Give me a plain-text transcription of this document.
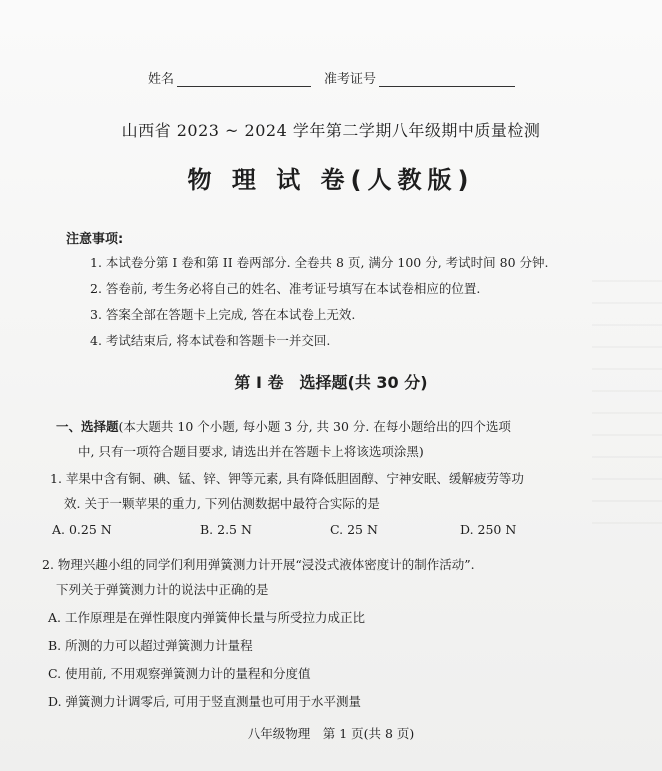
姓名	准考证号
山西省 2023 ~ 2024 学年第二学期八年级期中质量检测
物 理 试 卷(人教版)
注意事项:
1. 本试卷分第 I 卷和第 II 卷两部分. 全卷共 8 页, 满分 100 分, 考试时间 80 分钟.
2. 答卷前, 考生务必将自己的姓名、准考证号填写在本试卷相应的位置.
3. 答案全部在答题卡上完成, 答在本试卷上无效.
4. 考试结束后, 将本试卷和答题卡一并交回.
第 I 卷　选择题(共 30 分)
一、选择题(本大题共 10 个小题, 每小题 3 分, 共 30 分. 在每小题给出的四个选项
中, 只有一项符合题目要求, 请选出并在答题卡上将该选项涂黑)
1. 苹果中含有铜、碘、锰、锌、钾等元素, 具有降低胆固醇、宁神安眠、缓解疲劳等功
效. 关于一颗苹果的重力, 下列估测数据中最符合实际的是
A. 0.25 N	B. 2.5 N	C. 25 N	D. 250 N
2. 物理兴趣小组的同学们利用弹簧测力计开展“浸没式液体密度计的制作活动”.
下列关于弹簧测力计的说法中正确的是
A. 工作原理是在弹性限度内弹簧伸长量与所受拉力成正比
B. 所测的力可以超过弹簧测力计量程
C. 使用前, 不用观察弹簧测力计的量程和分度值
D. 弹簧测力计调零后, 可用于竖直测量也可用于水平测量
八年级物理　第 1 页(共 8 页)
